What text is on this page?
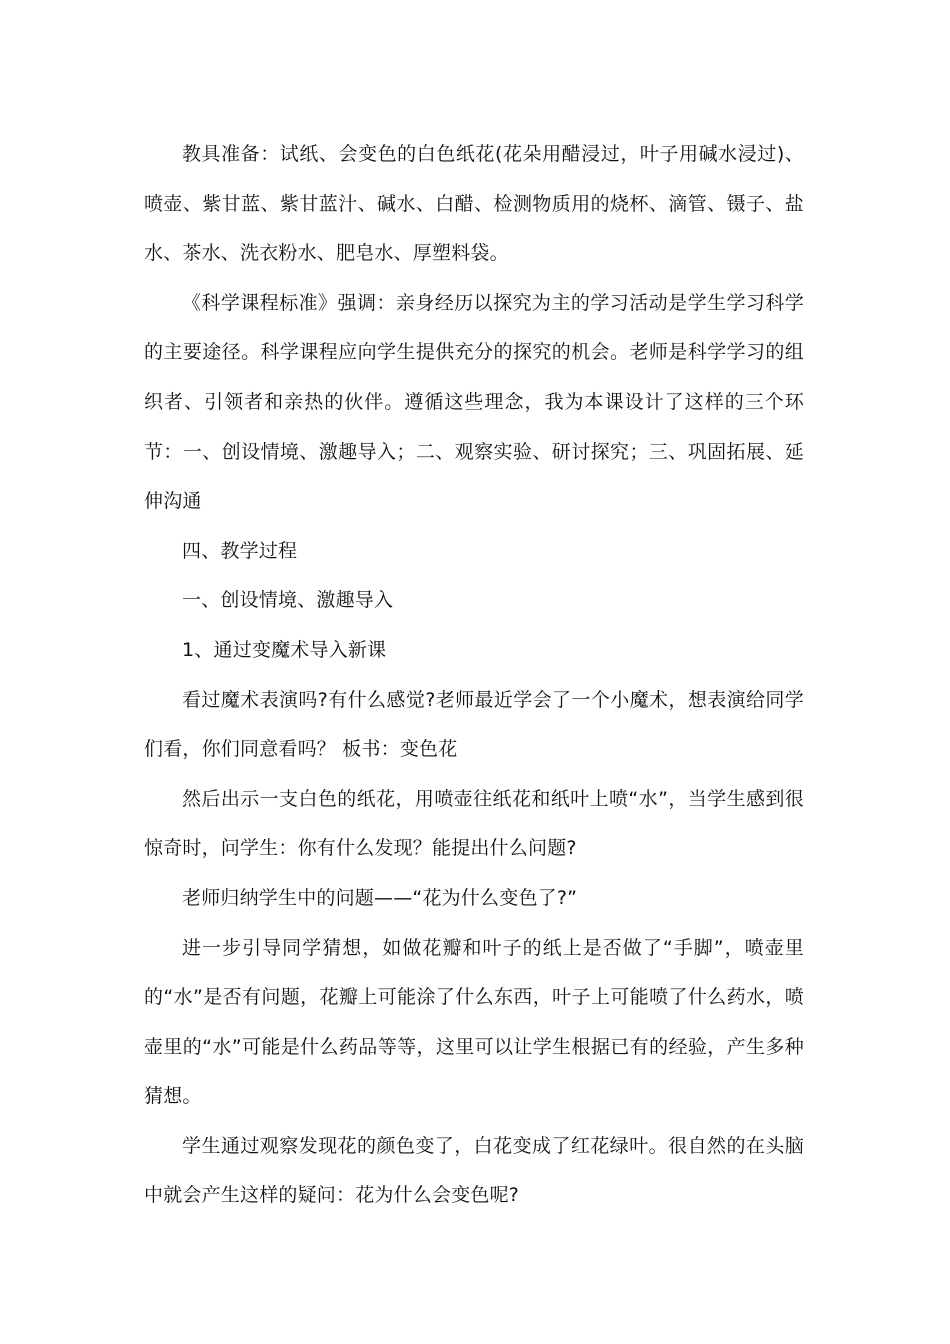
教具准备：试纸、会变色的白色纸花(花朵用醋浸过，叶子用碱水浸过)、喷壶、紫甘蓝、紫甘蓝汁、碱水、白醋、检测物质用的烧杯、滴管、镊子、盐水、茶水、洗衣粉水、肥皂水、厚塑料袋。

《科学课程标准》强调：亲身经历以探究为主的学习活动是学生学习科学的主要途径。科学课程应向学生提供充分的探究的机会。老师是科学学习的组织者、引领者和亲热的伙伴。遵循这些理念，我为本课设计了这样的三个环节：一、创设情境、激趣导入；二、观察实验、研讨探究；三、巩固拓展、延伸沟通

四、教学过程

一、创设情境、激趣导入

1、通过变魔术导入新课

看过魔术表演吗?有什么感觉?老师最近学会了一个小魔术，想表演给同学们看，你们同意看吗？ 板书：变色花

然后出示一支白色的纸花，用喷壶往纸花和纸叶上喷“水”，当学生感到很惊奇时，问学生：你有什么发现？能提出什么问题?

老师归纳学生中的问题——“花为什么变色了?”

进一步引导同学猜想，如做花瓣和叶子的纸上是否做了“手脚”，喷壶里的“水”是否有问题，花瓣上可能涂了什么东西，叶子上可能喷了什么药水，喷壶里的“水”可能是什么药品等等，这里可以让学生根据已有的经验，产生多种猜想。

学生通过观察发现花的颜色变了，白花变成了红花绿叶。很自然的在头脑中就会产生这样的疑问：花为什么会变色呢?
